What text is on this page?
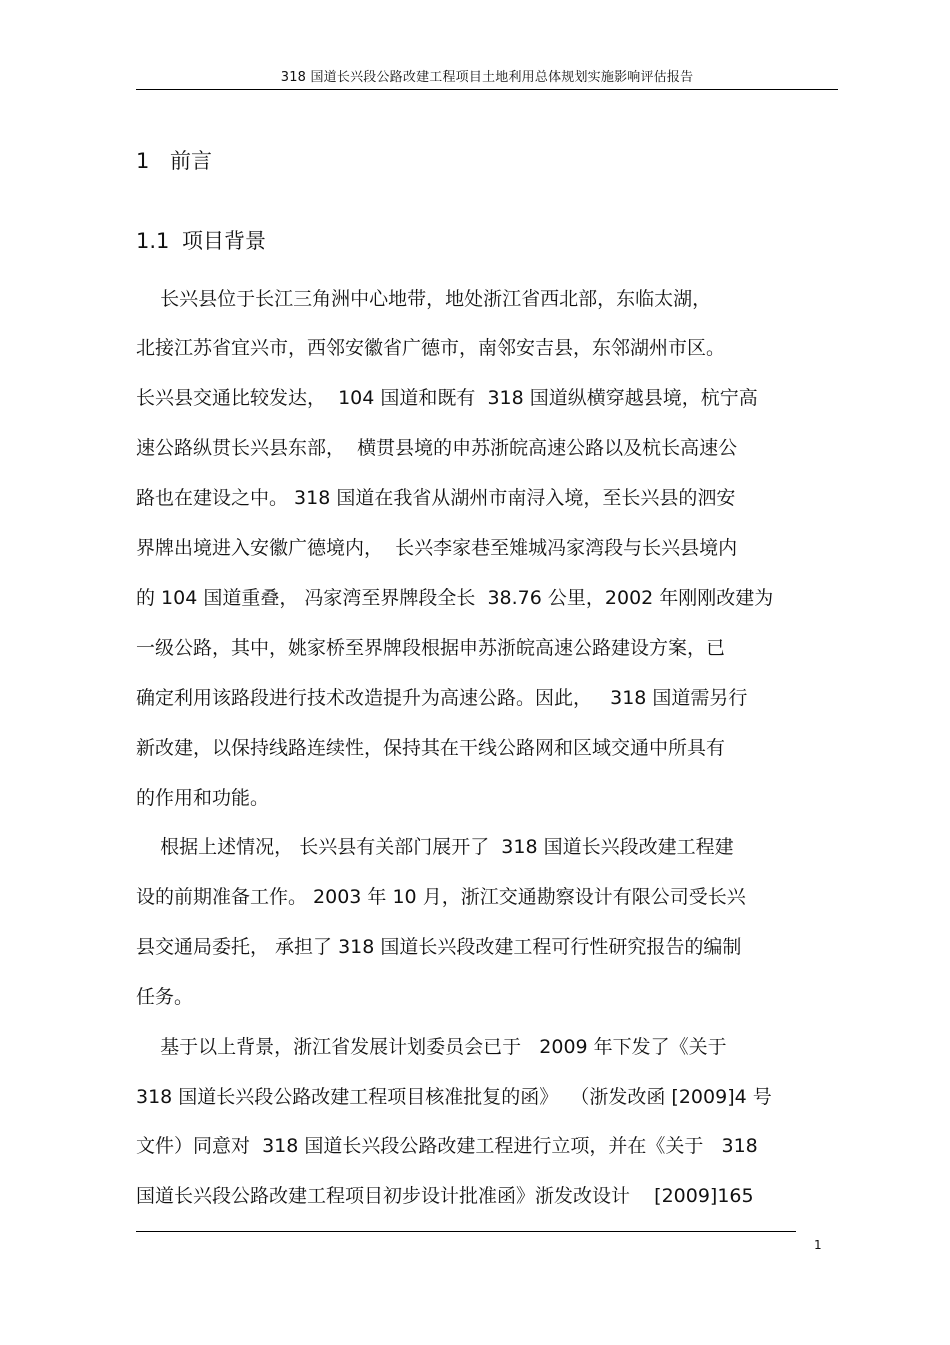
318 国道长兴段公路改建工程项目土地利用总体规划实施影响评估报告
1 前言
1.1 项目背景
长兴县位于长江三角洲中心地带，地处浙江省西北部，东临太湖，
北接江苏省宜兴市，西邻安徽省广德市，南邻安吉县，东邻湖州市区。
长兴县交通比较发达，  104 国道和既有  318 国道纵横穿越县境，杭宁高
速公路纵贯长兴县东部，  横贯县境的申苏浙皖高速公路以及杭长高速公
路也在建设之中。 318 国道在我省从湖州市南浔入境，至长兴县的泗安
界牌出境进入安徽广德境内，  长兴李家巷至雉城冯家湾段与长兴县境内
的 104 国道重叠， 冯家湾至界牌段全长  38.76 公里，2002 年刚刚改建为
一级公路，其中，姚家桥至界牌段根据申苏浙皖高速公路建设方案，已
确定利用该路段进行技术改造提升为高速公路。因此，   318 国道需另行
新改建，以保持线路连续性，保持其在干线公路网和区域交通中所具有
的作用和功能。
根据上述情况， 长兴县有关部门展开了  318 国道长兴段改建工程建
设的前期准备工作。 2003 年 10 月，浙江交通勘察设计有限公司受长兴
县交通局委托， 承担了 318 国道长兴段改建工程可行性研究报告的编制
任务。
基于以上背景，浙江省发展计划委员会已于   2009 年下发了《关于
318 国道长兴段公路改建工程项目核准批复的函》  （浙发改函 [2009]4 号
文件）同意对  318 国道长兴段公路改建工程进行立项，并在《关于   318
国道长兴段公路改建工程项目初步设计批准函》浙发改设计    [2009]165
1
